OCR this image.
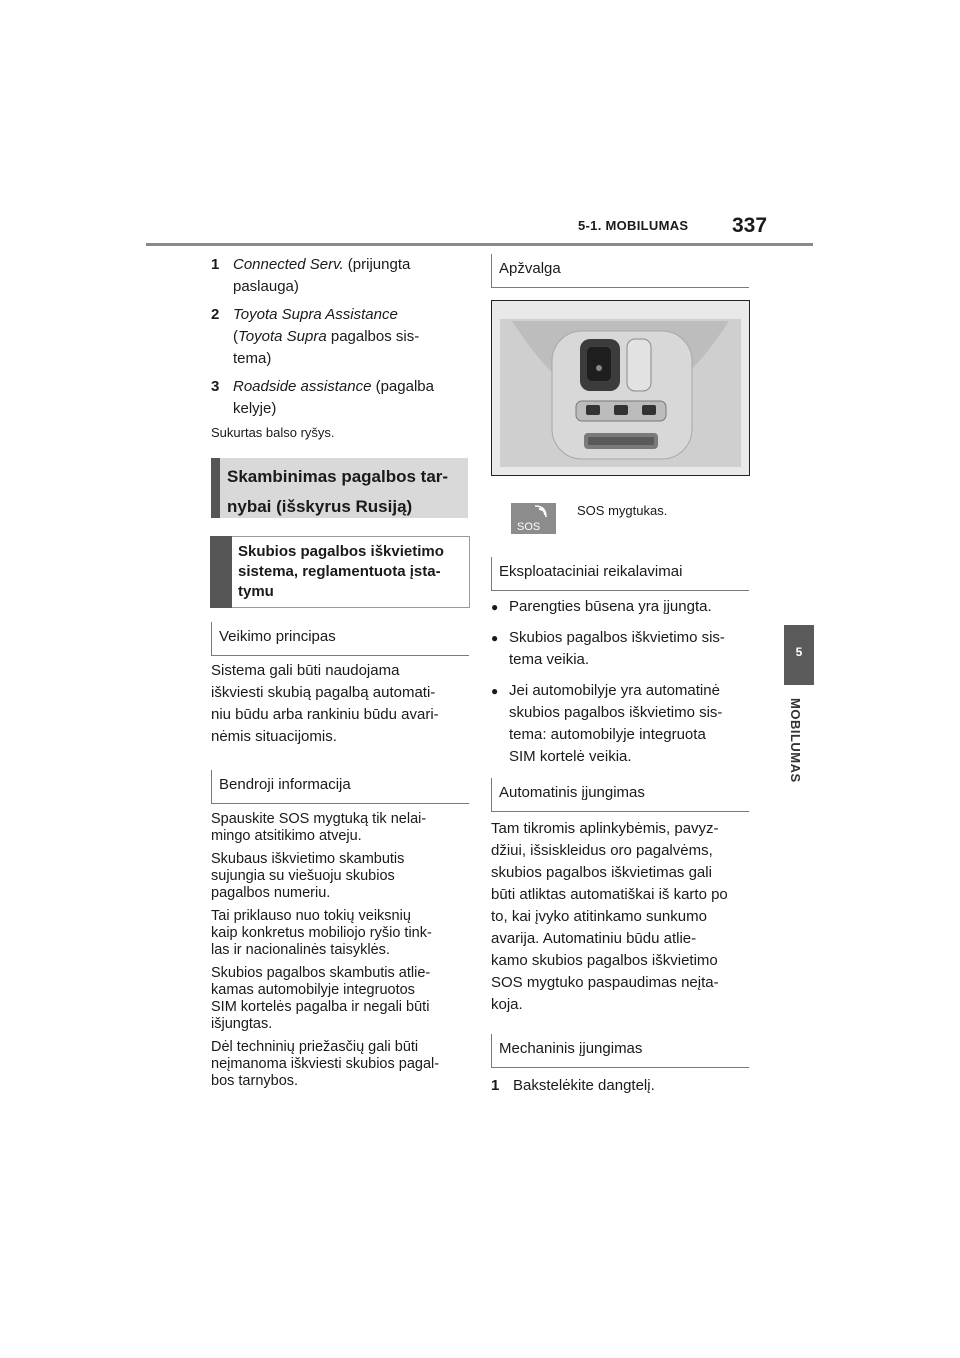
5-1. MOBILUMAS 337
5
MOBILUMAS
1 Connected Serv. (prijungta
paslauga)
2 Toyota Supra Assistance
(Toyota Supra pagalbos sis-
tema)
3 Roadside assistance (pagalba
kelyje)
Sukurtas balso ryšys.
Skambinimas pagalbos tar-
nybai (išskyrus Rusiją)
Skubios pagalbos iškvietimo
sistema, reglamentuota įsta-
tymu
Veikimo principas
Sistema gali būti naudojama
iškviesti skubią pagalbą automati-
niu būdu arba rankiniu būdu avari-
nėmis situacijomis.
Bendroji informacija
Spauskite SOS mygtuką tik nelai-
mingo atsitikimo atveju.
Skubaus iškvietimo skambutis
sujungia su viešuoju skubios
pagalbos numeriu.
Tai priklauso nuo tokių veiksnių
kaip konkretus mobiliojo ryšio tink-
las ir nacionalinės taisyklės.
Skubios pagalbos skambutis atlie-
kamas automobilyje integruotos
SIM kortelės pagalba ir negali būti
išjungtas.
Dėl techninių priežasčių gali būti
neįmanoma iškviesti skubios pagal-
bos tarnybos.
Apžvalga
SOS
SOS mygtukas.
Eksploataciniai reikalavimai
● Parengties būsena yra įjungta.
● Skubios pagalbos iškvietimo sis-
tema veikia.
● Jei automobilyje yra automatinė
skubios pagalbos iškvietimo sis-
tema: automobilyje integruota
SIM kortelė veikia.
Automatinis įjungimas
Tam tikromis aplinkybėmis, pavyz-
džiui, išsiskleidus oro pagalvėms,
skubios pagalbos iškvietimas gali
būti atliktas automatiškai iš karto po
to, kai įvyko atitinkamo sunkumo
avarija. Automatiniu būdu atlie-
kamo skubios pagalbos iškvietimo
SOS mygtuko paspaudimas neįta-
koja.
Mechaninis įjungimas
1 Bakstelėkite dangtelį.
